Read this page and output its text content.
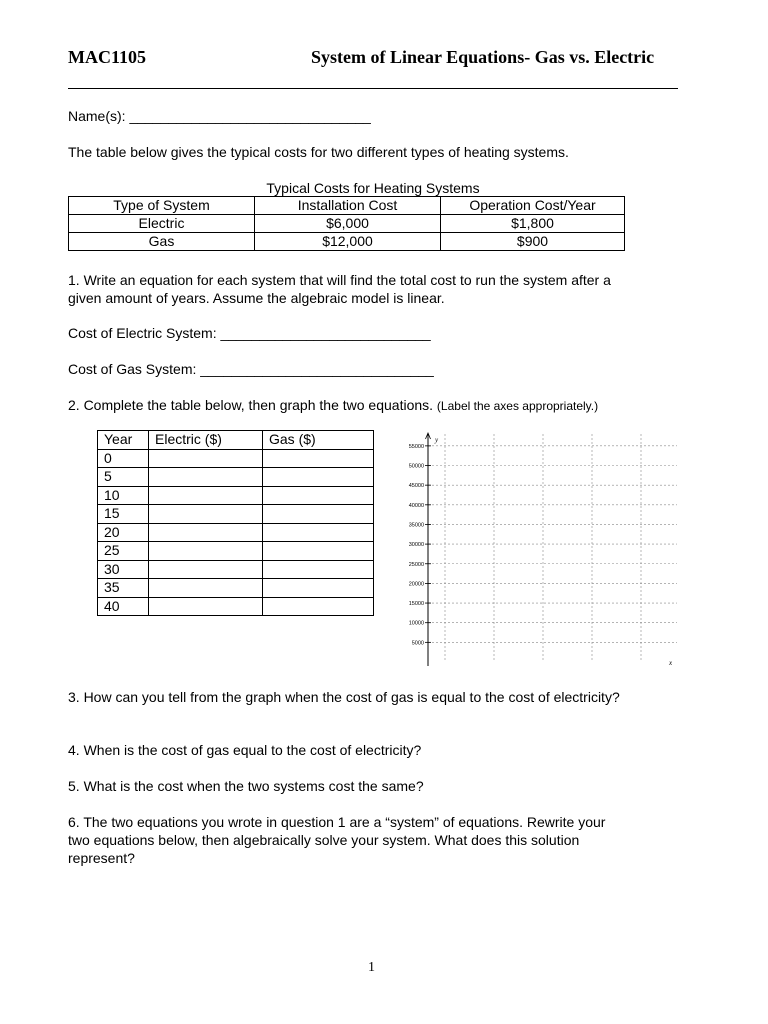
MAC1105	System of Linear Equations- Gas vs. Electric
Name(s): _______________________________
The table below gives the typical costs for two different types of heating systems.
Typical Costs for Heating Systems
Type of System	Installation Cost	Operation Cost/Year
Electric	$6,000	$1,800
Gas	$12,000	$900
1. Write an equation for each system that will find the total cost to run the system after a
given amount of years. Assume the algebraic model is linear.
Cost of Electric System: ___________________________
Cost of Gas System: ______________________________
2. Complete the table below, then graph the two equations. (Label the axes appropriately.)
Year	Electric ($)	Gas ($)
0		
5		
10		
15		
20		
25		
30		
35		
40		
5000
10000
15000
20000
25000
30000
35000
40000
45000
50000
55000
y
x
3. How can you tell from the graph when the cost of gas is equal to the cost of electricity?
4. When is the cost of gas equal to the cost of electricity?
5. What is the cost when the two systems cost the same?
6. The two equations you wrote in question 1 are a “system” of equations. Rewrite your
two equations below, then algebraically solve your system. What does this solution
represent?
1
